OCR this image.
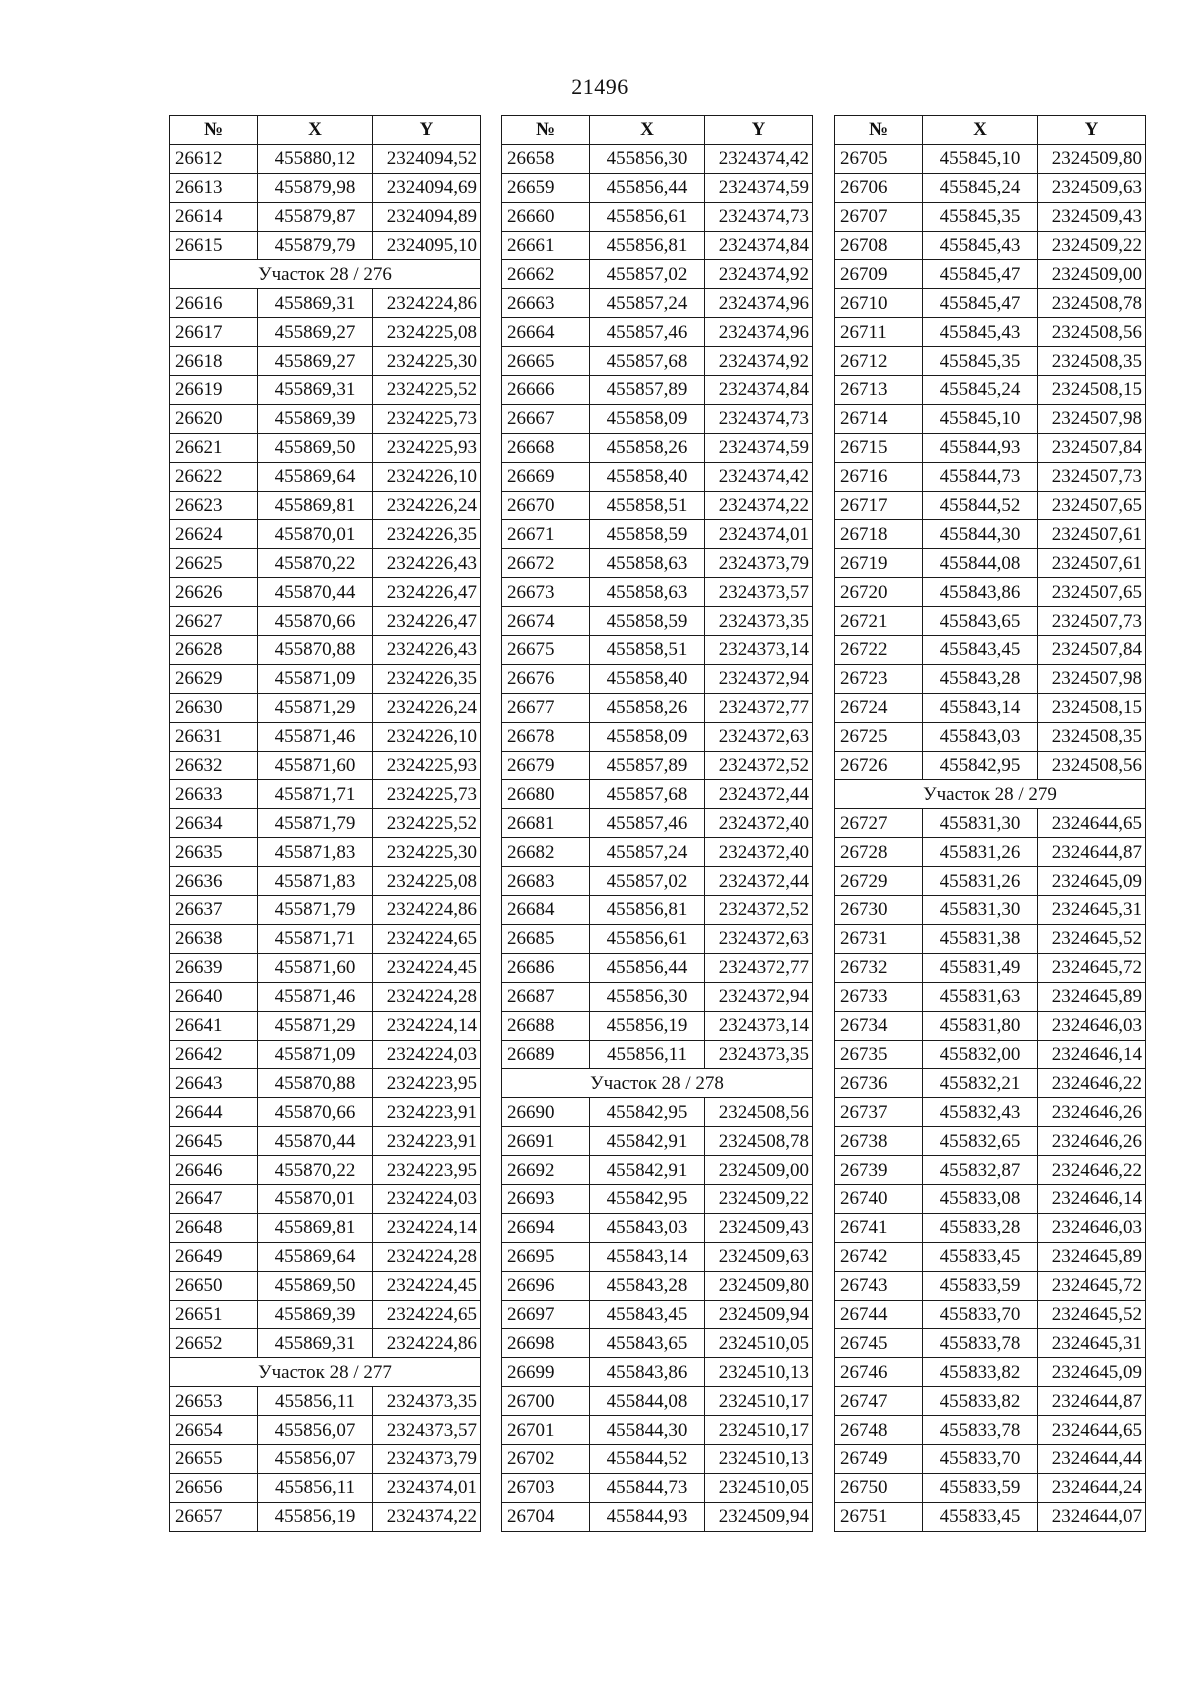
21496
№	X	Y
26612	455880,12	2324094,52
26613	455879,98	2324094,69
26614	455879,87	2324094,89
26615	455879,79	2324095,10
Участок 28 / 276		
26616	455869,31	2324224,86
26617	455869,27	2324225,08
26618	455869,27	2324225,30
26619	455869,31	2324225,52
26620	455869,39	2324225,73
26621	455869,50	2324225,93
26622	455869,64	2324226,10
26623	455869,81	2324226,24
26624	455870,01	2324226,35
26625	455870,22	2324226,43
26626	455870,44	2324226,47
26627	455870,66	2324226,47
26628	455870,88	2324226,43
26629	455871,09	2324226,35
26630	455871,29	2324226,24
26631	455871,46	2324226,10
26632	455871,60	2324225,93
26633	455871,71	2324225,73
26634	455871,79	2324225,52
26635	455871,83	2324225,30
26636	455871,83	2324225,08
26637	455871,79	2324224,86
26638	455871,71	2324224,65
26639	455871,60	2324224,45
26640	455871,46	2324224,28
26641	455871,29	2324224,14
26642	455871,09	2324224,03
26643	455870,88	2324223,95
26644	455870,66	2324223,91
26645	455870,44	2324223,91
26646	455870,22	2324223,95
26647	455870,01	2324224,03
26648	455869,81	2324224,14
26649	455869,64	2324224,28
26650	455869,50	2324224,45
26651	455869,39	2324224,65
26652	455869,31	2324224,86
Участок 28 / 277		
26653	455856,11	2324373,35
26654	455856,07	2324373,57
26655	455856,07	2324373,79
26656	455856,11	2324374,01
26657	455856,19	2324374,22
№	X	Y
26658	455856,30	2324374,42
26659	455856,44	2324374,59
26660	455856,61	2324374,73
26661	455856,81	2324374,84
26662	455857,02	2324374,92
26663	455857,24	2324374,96
26664	455857,46	2324374,96
26665	455857,68	2324374,92
26666	455857,89	2324374,84
26667	455858,09	2324374,73
26668	455858,26	2324374,59
26669	455858,40	2324374,42
26670	455858,51	2324374,22
26671	455858,59	2324374,01
26672	455858,63	2324373,79
26673	455858,63	2324373,57
26674	455858,59	2324373,35
26675	455858,51	2324373,14
26676	455858,40	2324372,94
26677	455858,26	2324372,77
26678	455858,09	2324372,63
26679	455857,89	2324372,52
26680	455857,68	2324372,44
26681	455857,46	2324372,40
26682	455857,24	2324372,40
26683	455857,02	2324372,44
26684	455856,81	2324372,52
26685	455856,61	2324372,63
26686	455856,44	2324372,77
26687	455856,30	2324372,94
26688	455856,19	2324373,14
26689	455856,11	2324373,35
Участок 28 / 278		
26690	455842,95	2324508,56
26691	455842,91	2324508,78
26692	455842,91	2324509,00
26693	455842,95	2324509,22
26694	455843,03	2324509,43
26695	455843,14	2324509,63
26696	455843,28	2324509,80
26697	455843,45	2324509,94
26698	455843,65	2324510,05
26699	455843,86	2324510,13
26700	455844,08	2324510,17
26701	455844,30	2324510,17
26702	455844,52	2324510,13
26703	455844,73	2324510,05
26704	455844,93	2324509,94
№	X	Y
26705	455845,10	2324509,80
26706	455845,24	2324509,63
26707	455845,35	2324509,43
26708	455845,43	2324509,22
26709	455845,47	2324509,00
26710	455845,47	2324508,78
26711	455845,43	2324508,56
26712	455845,35	2324508,35
26713	455845,24	2324508,15
26714	455845,10	2324507,98
26715	455844,93	2324507,84
26716	455844,73	2324507,73
26717	455844,52	2324507,65
26718	455844,30	2324507,61
26719	455844,08	2324507,61
26720	455843,86	2324507,65
26721	455843,65	2324507,73
26722	455843,45	2324507,84
26723	455843,28	2324507,98
26724	455843,14	2324508,15
26725	455843,03	2324508,35
26726	455842,95	2324508,56
Участок 28 / 279		
26727	455831,30	2324644,65
26728	455831,26	2324644,87
26729	455831,26	2324645,09
26730	455831,30	2324645,31
26731	455831,38	2324645,52
26732	455831,49	2324645,72
26733	455831,63	2324645,89
26734	455831,80	2324646,03
26735	455832,00	2324646,14
26736	455832,21	2324646,22
26737	455832,43	2324646,26
26738	455832,65	2324646,26
26739	455832,87	2324646,22
26740	455833,08	2324646,14
26741	455833,28	2324646,03
26742	455833,45	2324645,89
26743	455833,59	2324645,72
26744	455833,70	2324645,52
26745	455833,78	2324645,31
26746	455833,82	2324645,09
26747	455833,82	2324644,87
26748	455833,78	2324644,65
26749	455833,70	2324644,44
26750	455833,59	2324644,24
26751	455833,45	2324644,07
